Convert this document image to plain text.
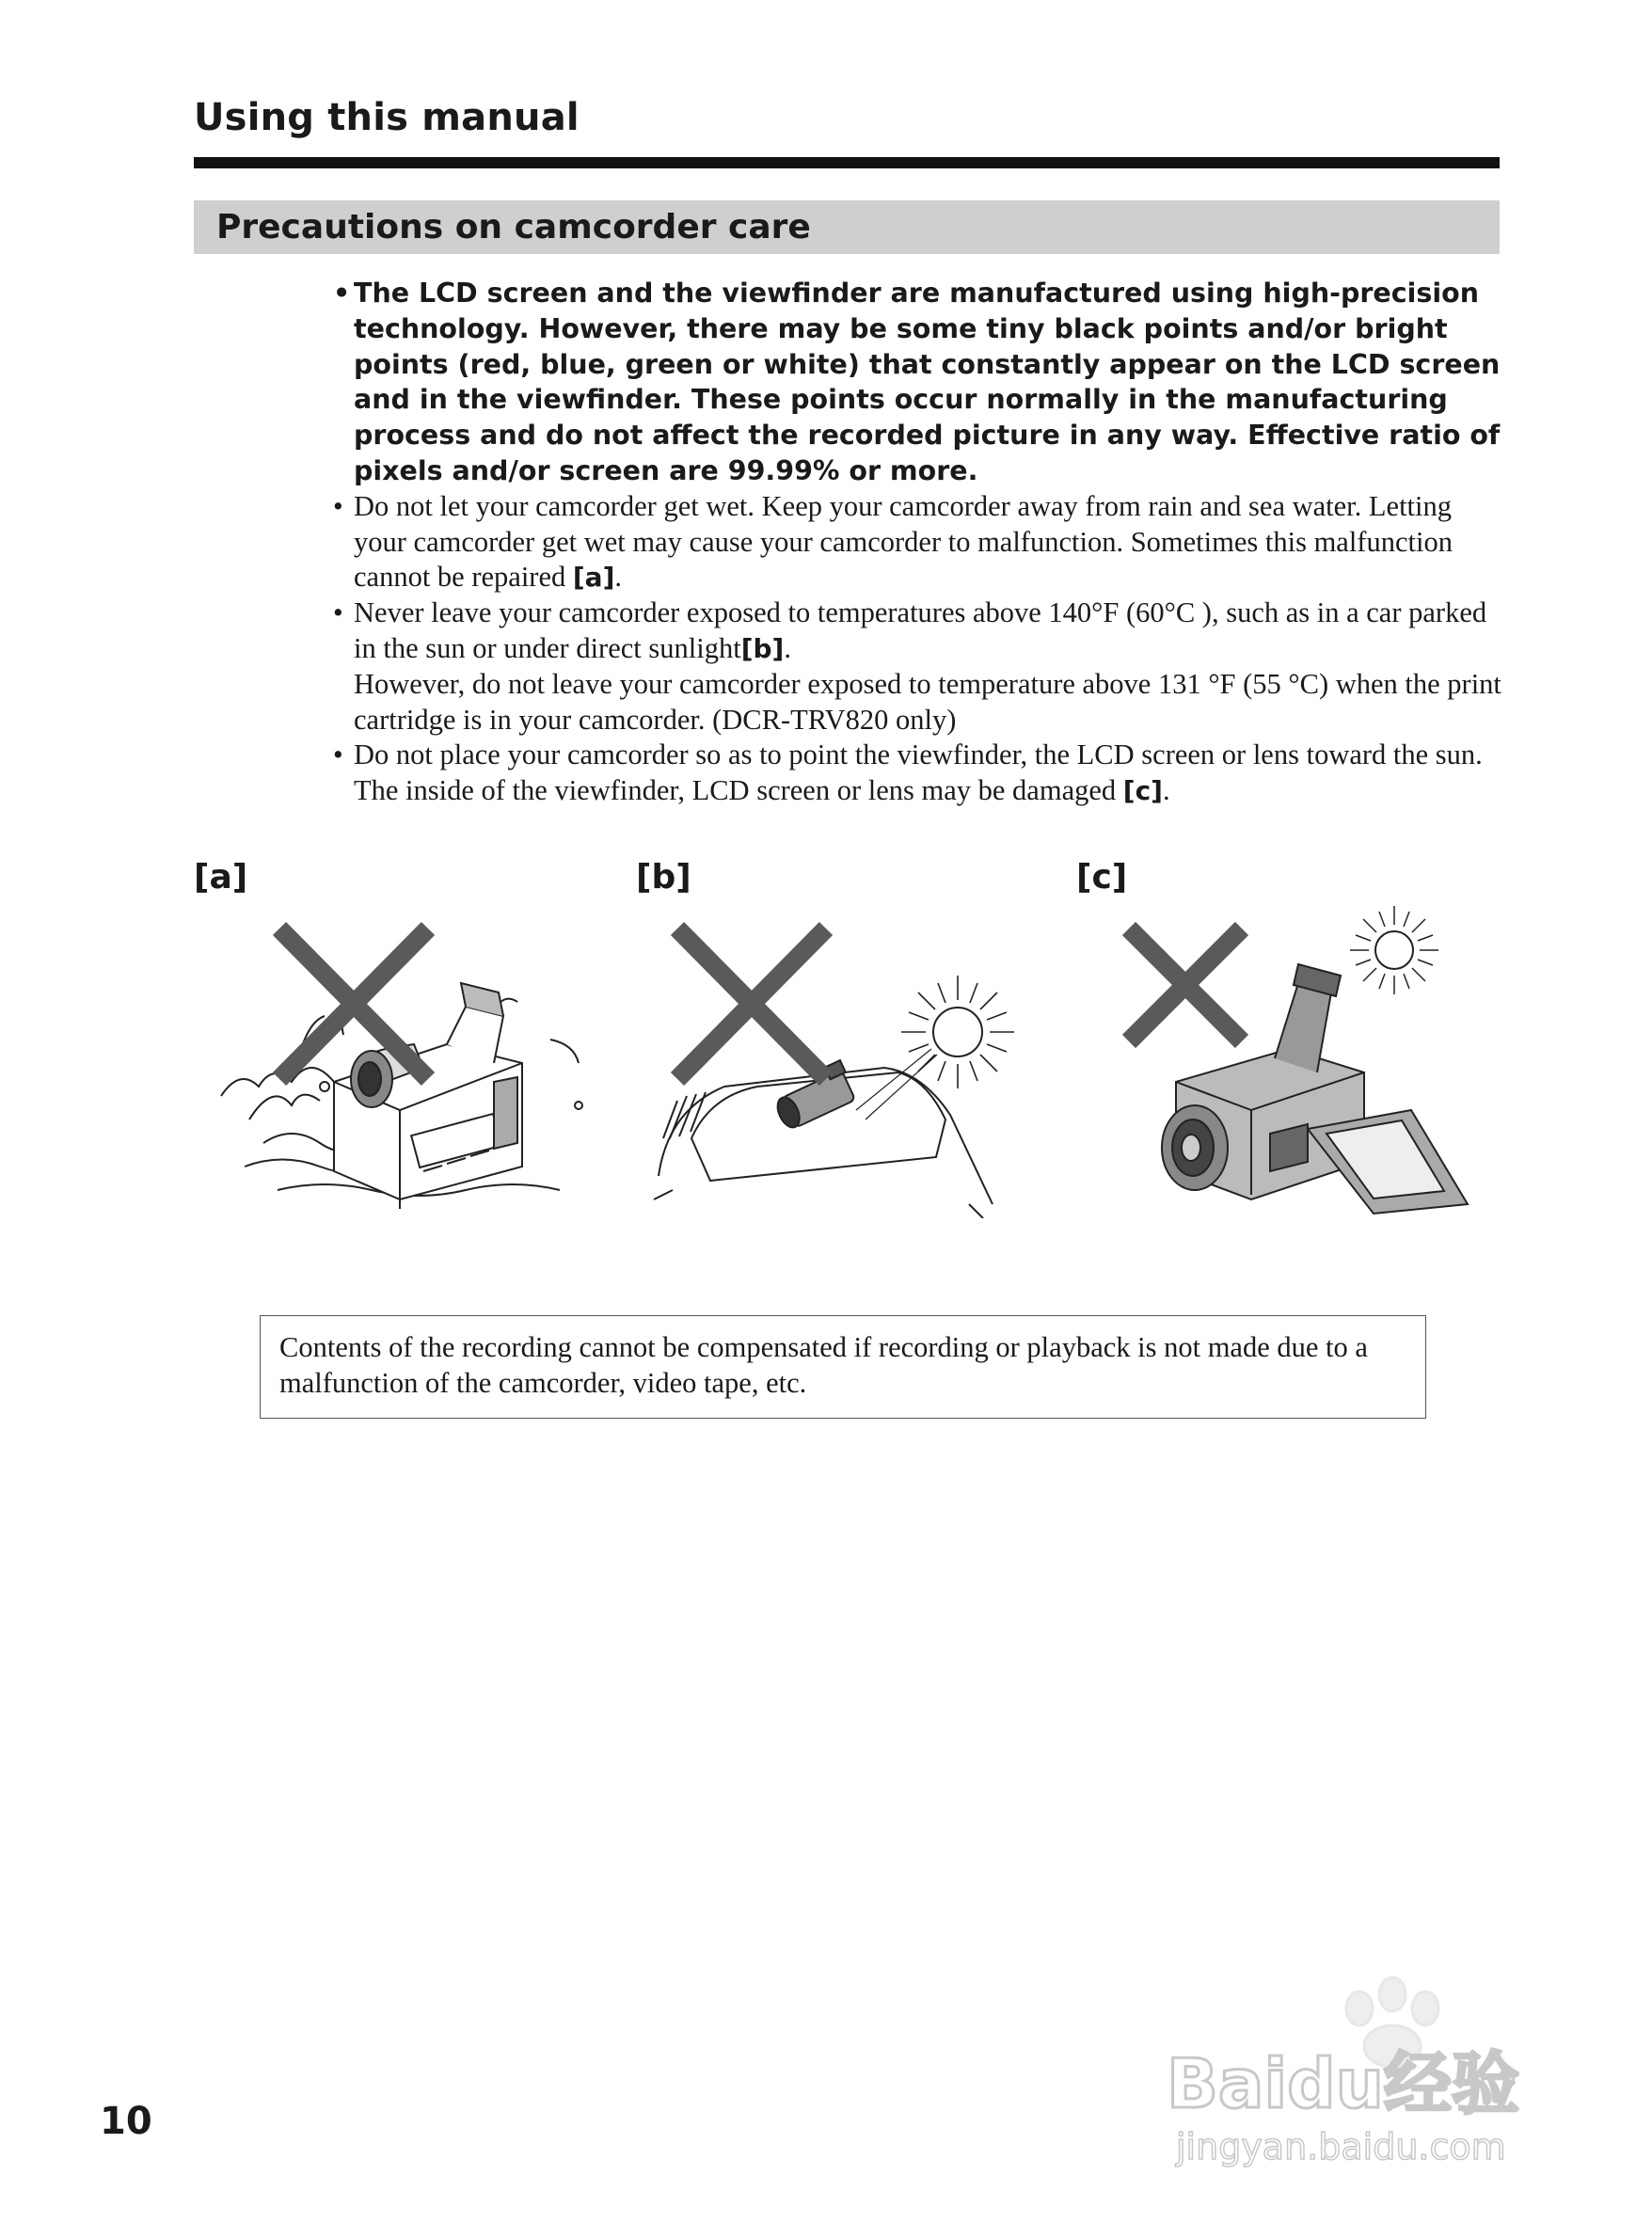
Using this manual
Precautions on camcorder care
• The LCD screen and the viewfinder are manufactured using high-precision technology. However, there may be some tiny black points and/or bright points (red, blue, green or white) that constantly appear on the LCD screen and in the viewfinder. These points occur normally in the manufacturing process and do not affect the recorded picture in any way. Effective ratio of pixels and/or screen are 99.99% or more.
• Do not let your camcorder get wet. Keep your camcorder away from rain and sea water. Letting your camcorder get wet may cause your camcorder to malfunction. Sometimes this malfunction cannot be repaired [a].
• Never leave your camcorder exposed to temperatures above 140°F (60°C ), such as in a car parked in the sun or under direct sunlight[b].
However, do not leave your camcorder exposed to temperature above 131 °F (55 °C) when the print cartridge is in your camcorder. (DCR-TRV820 only)
• Do not place your camcorder so as to point the viewfinder, the LCD screen or lens toward the sun. The inside of the viewfinder, LCD screen or lens may be damaged [c].
[a]	[b]	[c]
Contents of the recording cannot be compensated if recording or playback is not made due to a malfunction of the camcorder, video tape, etc.
10	Baidu经验
jingyan.baidu.com
